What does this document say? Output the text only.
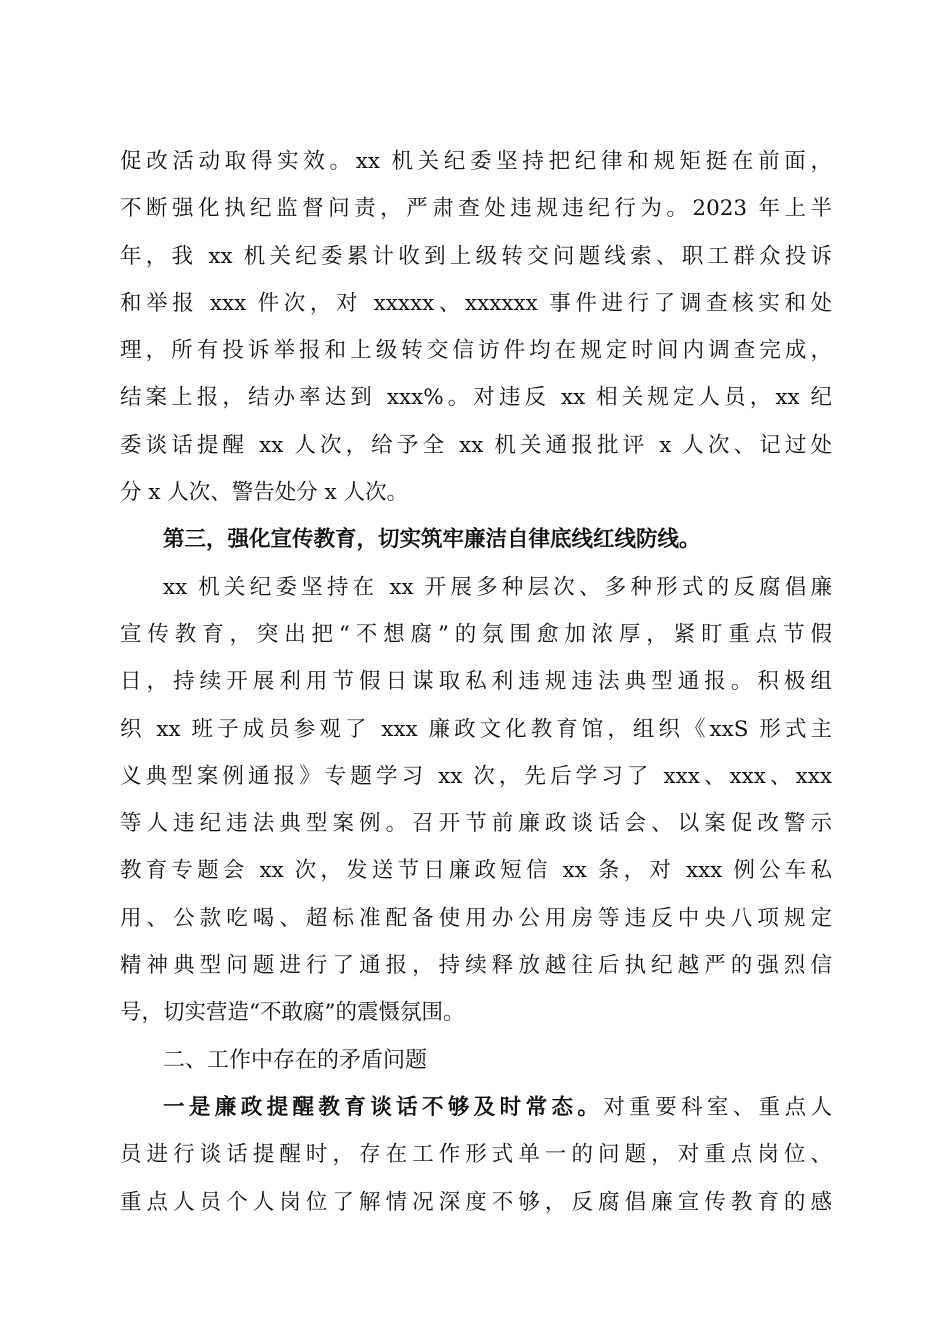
促改活动取得实效。xx 机关纪委坚持把纪律和规矩挺在前面，
不断强化执纪监督问责，严肃查处违规违纪行为。2023 年上半
年，我 xx 机关纪委累计收到上级转交问题线索、职工群众投诉
和举报 xxx 件次，对 xxxxx、xxxxxx 事件进行了调查核实和处
理，所有投诉举报和上级转交信访件均在规定时间内调查完成，
结案上报，结办率达到 xxx%。对违反 xx 相关规定人员，xx 纪
委谈话提醒 xx 人次，给予全 xx 机关通报批评 x 人次、记过处
分 x 人次、警告处分 x 人次。
第三，强化宣传教育，切实筑牢廉洁自律底线红线防线。
xx 机关纪委坚持在 xx 开展多种层次、多种形式的反腐倡廉
宣传教育，突出把“不想腐”的氛围愈加浓厚，紧盯重点节假
日，持续开展利用节假日谋取私利违规违法典型通报。积极组
织 xx 班子成员参观了 xxx 廉政文化教育馆，组织《xxS 形式主
义典型案例通报》专题学习 xx 次，先后学习了 xxx、xxx、xxx
等人违纪违法典型案例。召开节前廉政谈话会、以案促改警示
教育专题会 xx 次，发送节日廉政短信 xx 条，对 xxx 例公车私
用、公款吃喝、超标准配备使用办公用房等违反中央八项规定
精神典型问题进行了通报，持续释放越往后执纪越严的强烈信
号，切实营造“不敢腐”的震慑氛围。
二、工作中存在的矛盾问题
一是廉政提醒教育谈话不够及时常态。对重要科室、重点人
员进行谈话提醒时，存在工作形式单一的问题，对重点岗位、
重点人员个人岗位了解情况深度不够，反腐倡廉宣传教育的感
